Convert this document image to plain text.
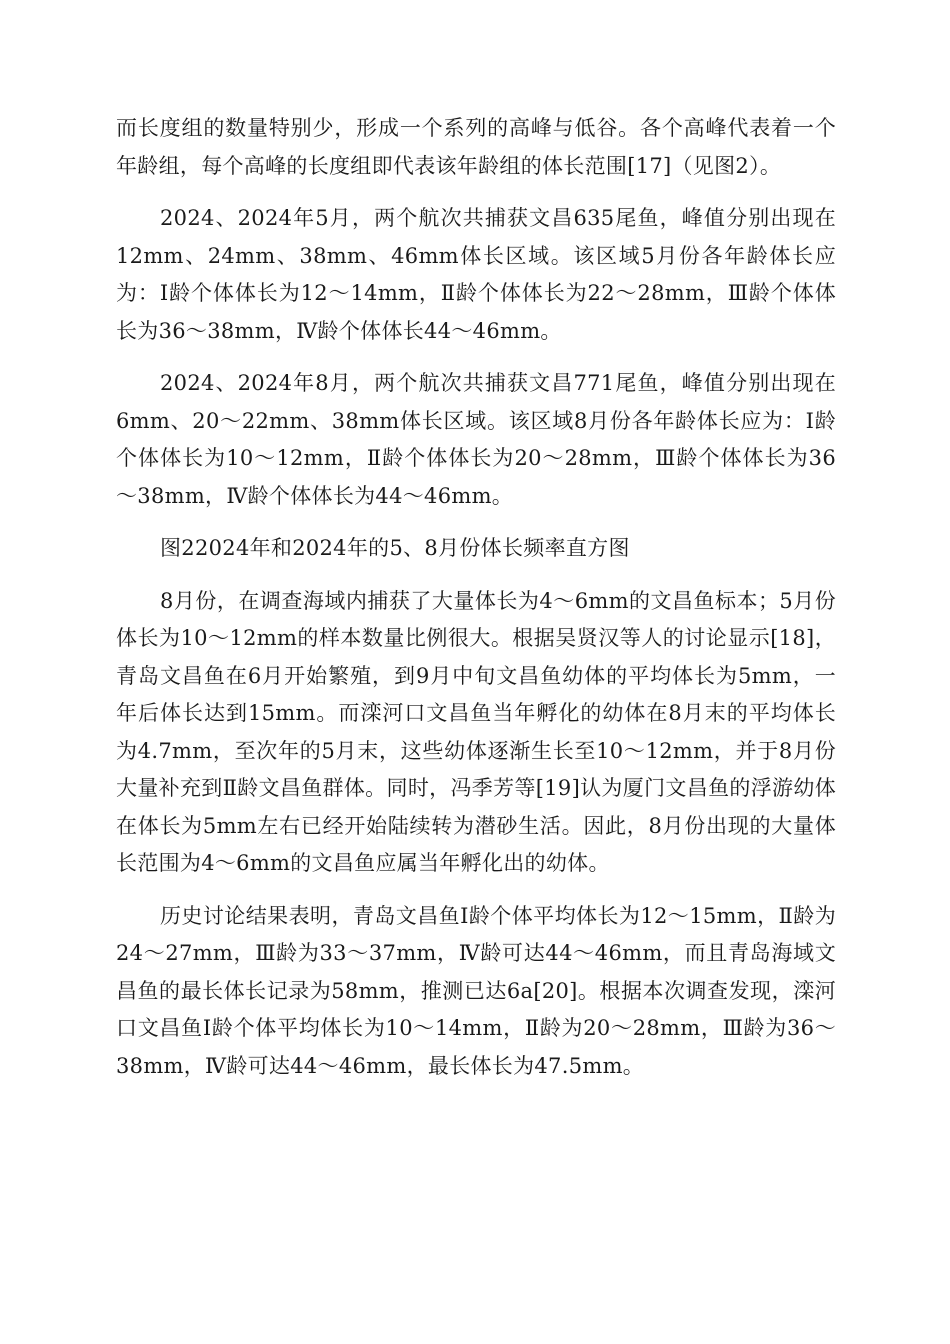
而长度组的数量特别少，形成一个系列的高峰与低谷。各个高峰代表着一个年龄组，每个高峰的长度组即代表该年龄组的体长范围[17]（见图2）。

2024、2024年5月，两个航次共捕获文昌635尾鱼，峰值分别出现在12mm、24mm、38mm、46mm体长区域。该区域5月份各年龄体长应为：Ⅰ龄个体体长为12～14mm，Ⅱ龄个体体长为22～28mm，Ⅲ龄个体体长为36～38mm，Ⅳ龄个体体长44～46mm。

2024、2024年8月，两个航次共捕获文昌771尾鱼，峰值分别出现在6mm、20～22mm、38mm体长区域。该区域8月份各年龄体长应为：Ⅰ龄个体体长为10～12mm，Ⅱ龄个体体长为20～28mm，Ⅲ龄个体体长为36～38mm，Ⅳ龄个体体长为44～46mm。

图22024年和2024年的5、8月份体长频率直方图

8月份，在调查海域内捕获了大量体长为4～6mm的文昌鱼标本；5月份体长为10～12mm的样本数量比例很大。根据吴贤汉等人的讨论显示[18]，青岛文昌鱼在6月开始繁殖，到9月中旬文昌鱼幼体的平均体长为5mm，一年后体长达到15mm。而滦河口文昌鱼当年孵化的幼体在8月末的平均体长为4.7mm，至次年的5月末，这些幼体逐渐生长至10～12mm，并于8月份大量补充到Ⅱ龄文昌鱼群体。同时，冯季芳等[19]认为厦门文昌鱼的浮游幼体在体长为5mm左右已经开始陆续转为潜砂生活。因此，8月份出现的大量体长范围为4～6mm的文昌鱼应属当年孵化出的幼体。

历史讨论结果表明，青岛文昌鱼Ⅰ龄个体平均体长为12～15mm，Ⅱ龄为24～27mm，Ⅲ龄为33～37mm，Ⅳ龄可达44～46mm，而且青岛海域文昌鱼的最长体长记录为58mm，推测已达6a[20]。根据本次调查发现，滦河口文昌鱼Ⅰ龄个体平均体长为10～14mm，Ⅱ龄为20～28mm，Ⅲ龄为36～38mm，Ⅳ龄可达44～46mm，最长体长为47.5mm。
